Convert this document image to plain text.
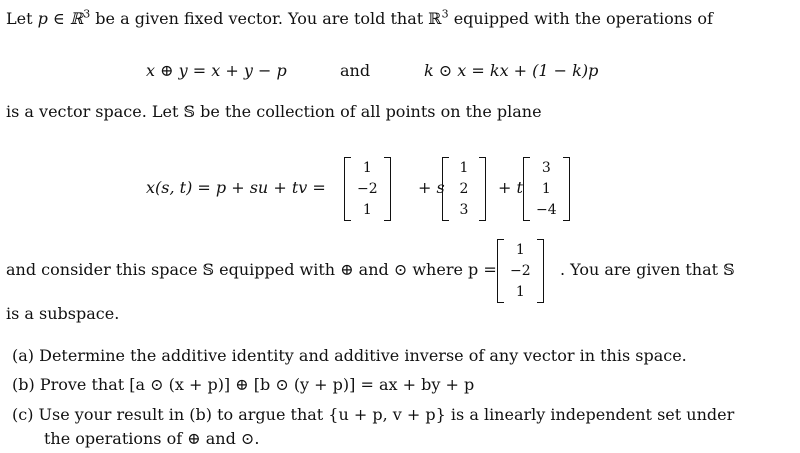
Let p ∈ ℝ$^3$ be a given fixed vector. You are told that ℝ$^3$ equipped with the operations of
x ⊕ y = x + y − p	and	k ⊙ x = kx + (1 − k)p
is a vector space. Let 𝕊 be the collection of all points on the plane
x(s, t) = p + su + tv =
1
−2
1
+ s
1
2
3
+ t
3
1
−4
and consider this space 𝕊 equipped with ⊕ and ⊙ where p =
1
−2
1
. You are given that 𝕊
is a subspace.
(a) Determine the additive identity and additive inverse of any vector in this space.
(b) Prove that [a ⊙ (x + p)] ⊕ [b ⊙ (y + p)] = ax + by + p
(c) Use your result in (b) to argue that {u + p, v + p} is a linearly independent set under
the operations of ⊕ and ⊙.
